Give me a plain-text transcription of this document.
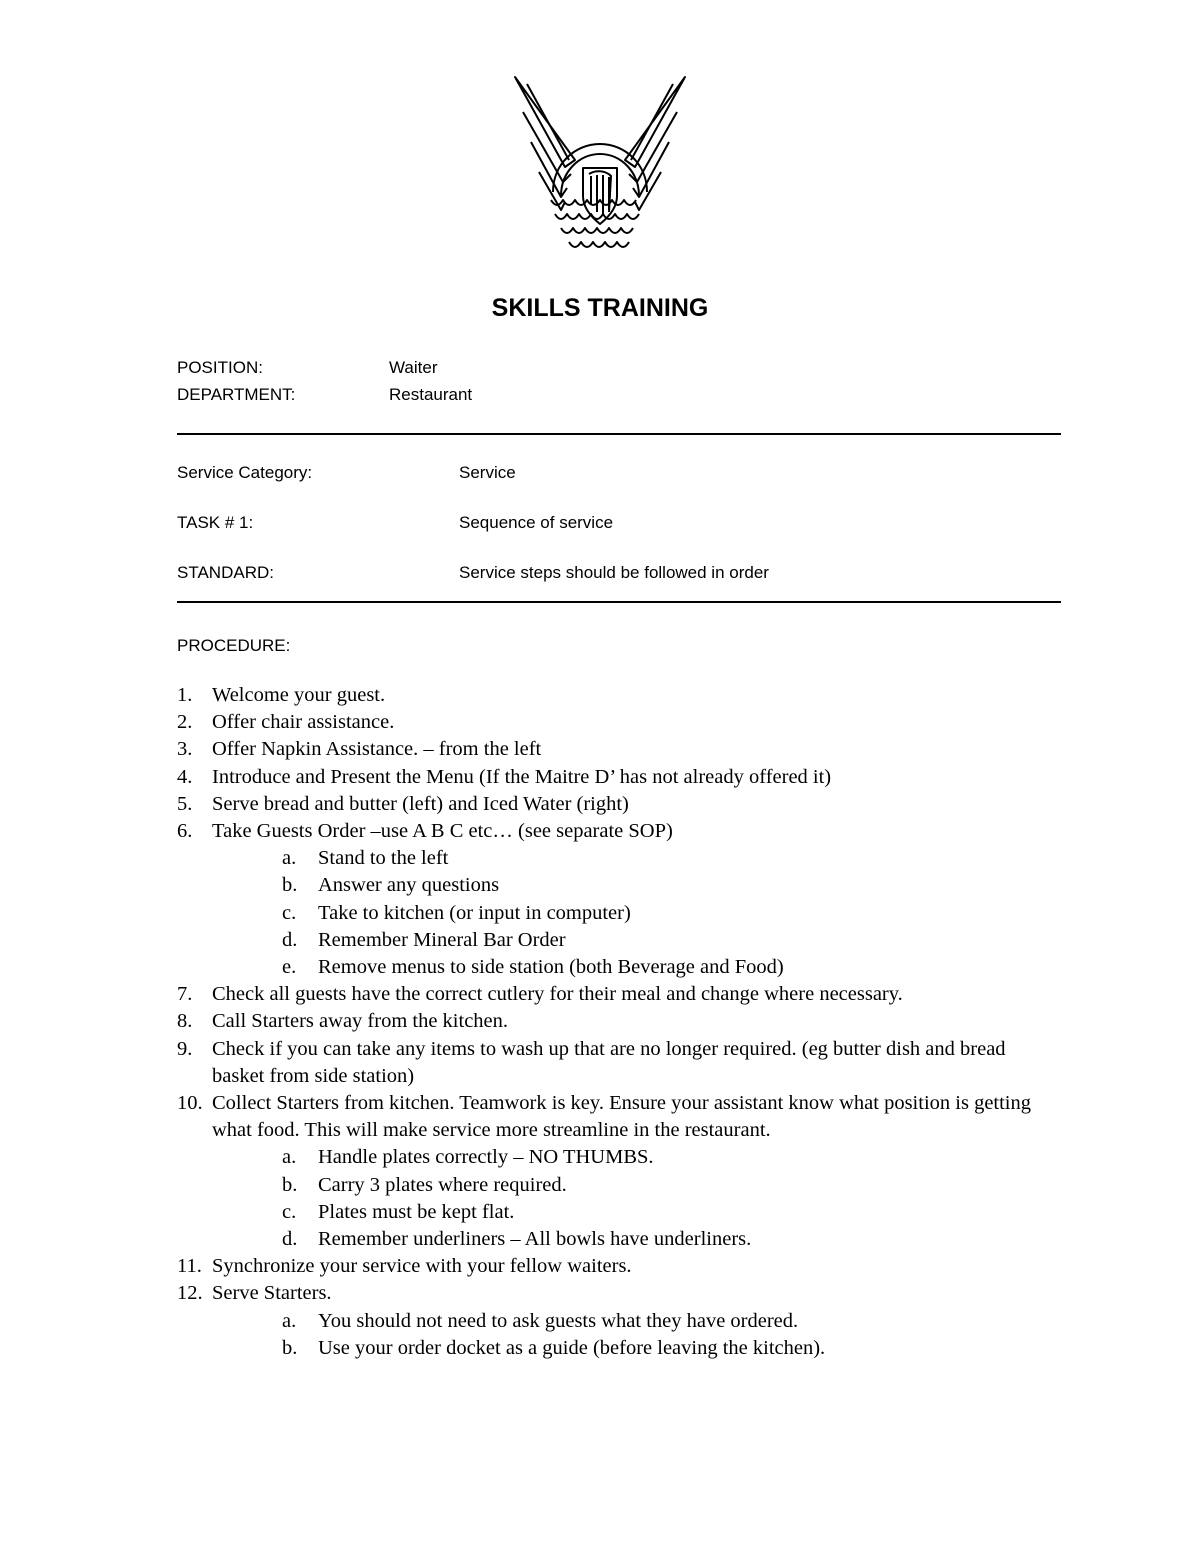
SKILLS TRAINING
POSITION:	Waiter
DEPARTMENT:	Restaurant
Service Category:	Service
TASK # 1:	Sequence of service
STANDARD:	Service steps should be followed in order
PROCEDURE:
1. Welcome your guest.
2. Offer chair assistance.
3. Offer Napkin Assistance. – from the left
4. Introduce and Present the Menu (If the Maitre D’ has not already offered it)
5. Serve bread and butter (left) and Iced Water (right)
6. Take Guests Order –use A B C etc… (see separate SOP)
a.	Stand to the left
b.	Answer any questions
c.	Take to kitchen (or input in computer)
d.	Remember Mineral Bar Order
e.	Remove menus to side station (both Beverage and Food)
7. Check all guests have the correct cutlery for their meal and change where necessary.
8. Call Starters away from the kitchen.
9. Check if you can take any items to wash up that are no longer required. (eg butter dish and bread basket from side station)
10. Collect Starters from kitchen. Teamwork is key. Ensure your assistant know what position is getting what food. This will make service more streamline in the restaurant.
a.	Handle plates correctly – NO THUMBS.
b.	Carry 3 plates where required.
c.	Plates must be kept flat.
d.	Remember underliners – All bowls have underliners.
11. Synchronize your service with your fellow waiters.
12. Serve Starters.
a.	You should not need to ask guests what they have ordered.
b.	Use your order docket as a guide (before leaving the kitchen).
